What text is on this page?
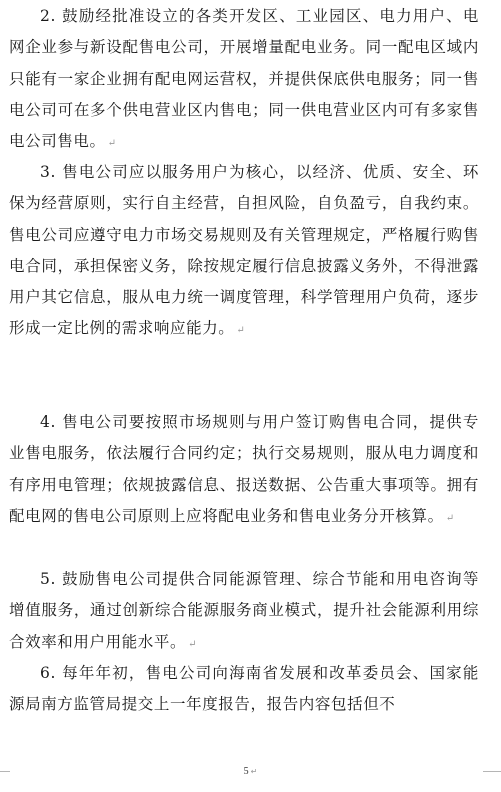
2. 鼓励经批准设立的各类开发区、工业园区、电力用户、电网企业参与新设配售电公司，开展增量配电业务。同一配电区域内只能有一家企业拥有配电网运营权，并提供保底供电服务；同一售电公司可在多个供电营业区内售电；同一供电营业区内可有多家售电公司售电。 ↵

3. 售电公司应以服务用户为核心，以经济、优质、安全、环保为经营原则，实行自主经营，自担风险，自负盈亏，自我约束。售电公司应遵守电力市场交易规则及有关管理规定，严格履行购售电合同，承担保密义务，除按规定履行信息披露义务外，不得泄露用户其它信息，服从电力统一调度管理，科学管理用户负荷，逐步形成一定比例的需求响应能力。 ↵

4. 售电公司要按照市场规则与用户签订购售电合同，提供专业售电服务，依法履行合同约定；执行交易规则，服从电力调度和有序用电管理；依规披露信息、报送数据、公告重大事项等。拥有配电网的售电公司原则上应将配电业务和售电业务分开核算。 ↵

5. 鼓励售电公司提供合同能源管理、综合节能和用电咨询等增值服务，通过创新综合能源服务商业模式，提升社会能源利用综合效率和用户用能水平。 ↵

6. 每年年初，售电公司向海南省发展和改革委员会、国家能源局南方监管局提交上一年度报告，报告内容包括但不

5 ↵
